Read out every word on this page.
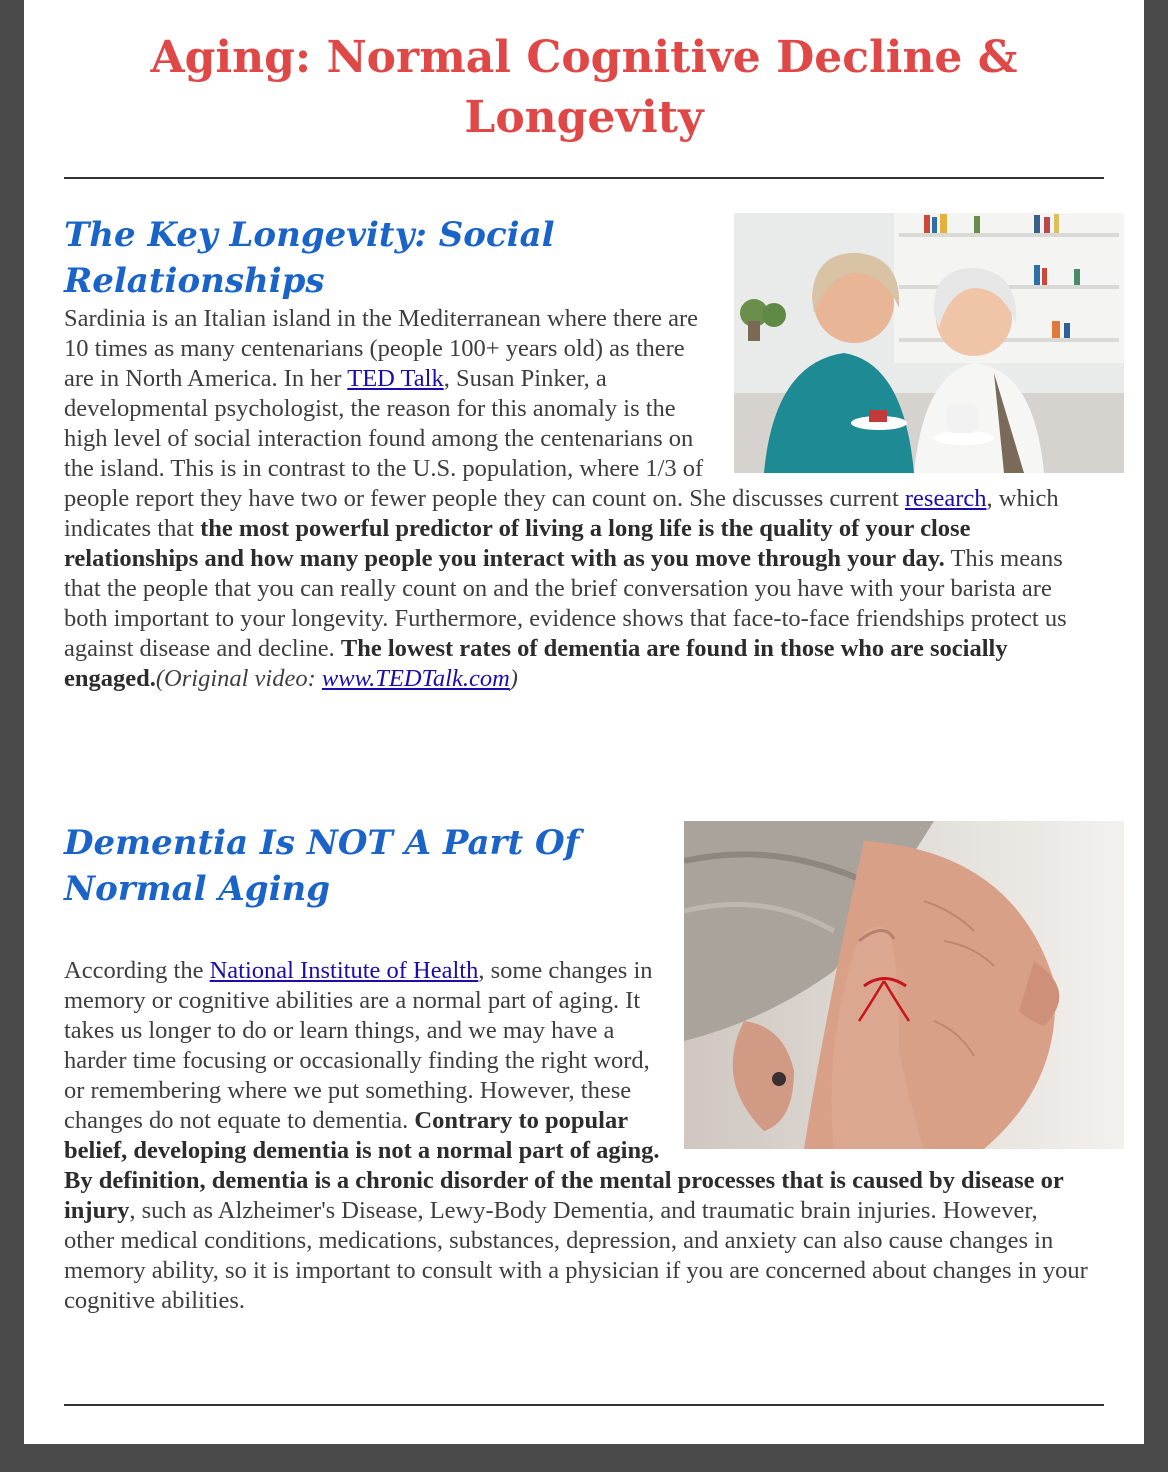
Aging: Normal Cognitive Decline & Longevity
The Key Longevity: Social Relationships

Sardinia is an Italian island in the Mediterranean where there are 10 times as many centenarians (people 100+ years old) as there are in North America. In her TED Talk, Susan Pinker, a developmental psychologist, the reason for this anomaly is the high level of social interaction found among the centenarians on the island. This is in contrast to the U.S. population, where 1/3 of people report they have two or fewer people they can count on. She discusses current research, which indicates that the most powerful predictor of living a long life is the quality of your close relationships and how many people you interact with as you move through your day. This means that the people that you can really count on and the brief conversation you have with your barista are both important to your longevity. Furthermore, evidence shows that face-to-face friendships protect us against disease and decline. The lowest rates of dementia are found in those who are socially engaged.(Original video: www.TEDTalk.com)

Dementia Is NOT A Part Of Normal Aging

According the National Institute of Health, some changes in memory or cognitive abilities are a normal part of aging. It takes us longer to do or learn things, and we may have a harder time focusing or occasionally finding the right word, or remembering where we put something. However, these changes do not equate to dementia. Contrary to popular belief, developing dementia is not a normal part of aging. By definition, dementia is a chronic disorder of the mental processes that is caused by disease or injury, such as Alzheimer's Disease, Lewy-Body Dementia, and traumatic brain injuries. However, other medical conditions, medications, substances, depression, and anxiety can also cause changes in memory ability, so it is important to consult with a physician if you are concerned about changes in your cognitive abilities.
